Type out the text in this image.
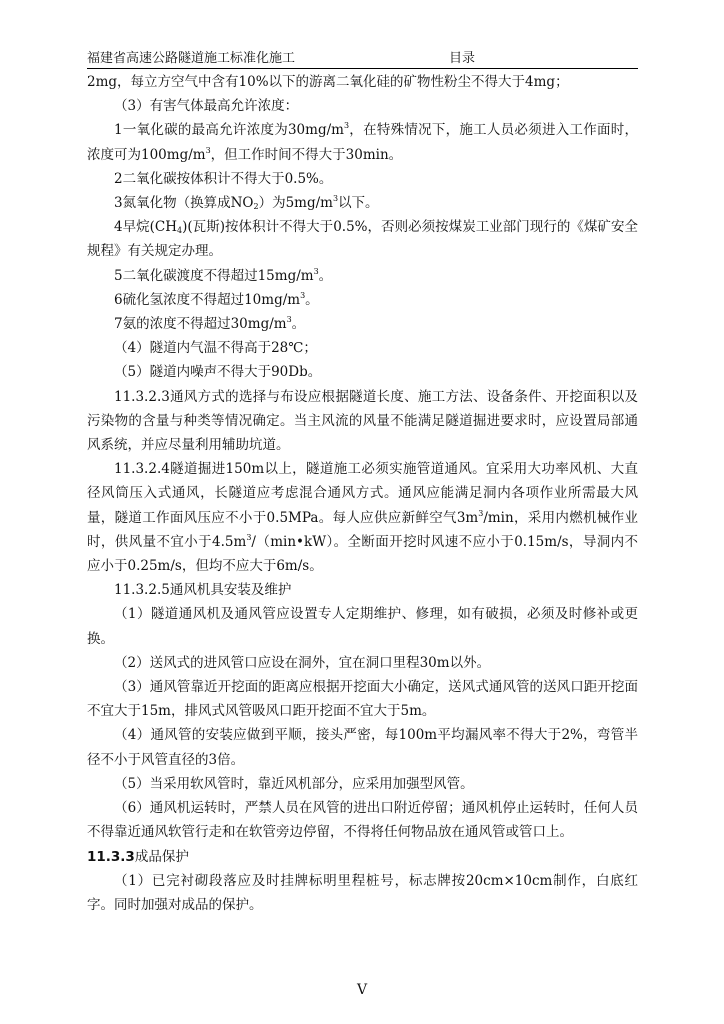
福建省高速公路隧道施工标准化施工	目录

2mg，每立方空气中含有10%以下的游离二氧化硅的矿物性粉尘不得大于4mg；

（3）有害气体最高允许浓度：

1一氧化碳的最高允许浓度为$30mg/m^3$，在特殊情况下，施工人员必须进入工作面时，浓度可为$100mg/m^3$，但工作时间不得大于30min。

2二氧化碳按体积计不得大于0.5%。

3氮氧化物（换算成$NO_2$）为$5mg/m^3$以下。

4早烷$(CH_4)$(瓦斯)按体积计不得大于0.5%，否则必须按煤炭工业部门现行的《煤矿安全规程》有关规定办理。

5二氧化碳渡度不得超过$15mg/m^3$。

6硫化氢浓度不得超过$10mg/m^3$。

7氨的浓度不得超过$30mg/m^3$。

（4）隧道内气温不得高于28℃；

（5）隧道内噪声不得大于90Db。

11.3.2.3通风方式的选择与布设应根据隧道长度、施工方法、设备条件、开挖面积以及污染物的含量与种类等情况确定。当主风流的风量不能满足隧道掘进要求时，应设置局部通风系统，并应尽量利用辅助坑道。

11.3.2.4隧道掘进150m以上，隧道施工必须实施管道通风。宜采用大功率风机、大直径风筒压入式通风，长隧道应考虑混合通风方式。通风应能满足洞内各项作业所需最大风量，隧道工作面风压应不小于0.5MPa。每人应供应新鲜空气$3m^3/\min$，采用内燃机械作业时，供风量不宜小于$4.5m^3/(\min•kW)$。全断面开挖时风速不应小于0.15m/s，导洞内不应小于0.25m/s，但均不应大于6m/s。

11.3.2.5通风机具安装及维护

（1）隧道通风机及通风管应设置专人定期维护、修理，如有破损，必须及时修补或更换。

（2）送风式的进风管口应设在洞外，宜在洞口里程30m以外。

（3）通风管靠近开挖面的距离应根据开挖面大小确定，送风式通风管的送风口距开挖面不宜大于15m，排风式风管吸风口距开挖面不宜大于5m。

（4）通风管的安装应做到平顺，接头严密，每100m平均漏风率不得大于2%，弯管半径不小于风管直径的3倍。

（5）当采用软风管时，靠近风机部分，应采用加强型风管。

（6）通风机运转时，严禁人员在风管的进出口附近停留；通风机停止运转时，任何人员不得靠近通风软管行走和在软管旁边停留，不得将任何物品放在通风管或管口上。

11.3.3成品保护

（1）已完衬砌段落应及时挂牌标明里程桩号，标志牌按20cm×10cm制作，白底红字。同时加强对成品的保护。

V
